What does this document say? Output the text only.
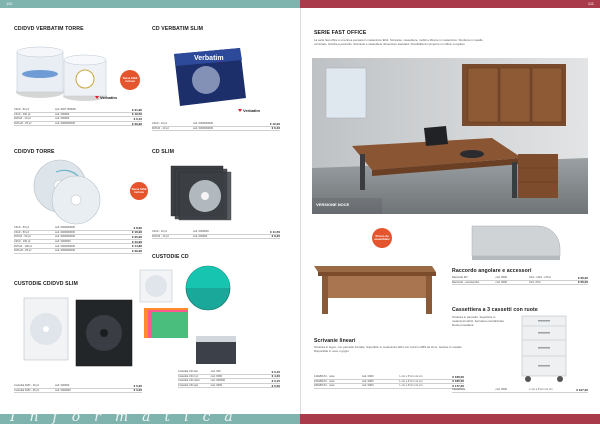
110	111
CD/DVD VERBATIM TORRE
Tassa SIAE inclusa
Verbatim
CD-R - 50 pz	cod. 6407 000000	€ 21,90
CD-R - 100 pz	cod. 000000	€ 19,50
DVD-R - 10 pz	cod. 000000	€ 6,10
DVD+R - 25 pz	cod. 0000000000	€ 29,90
CD VERBATIM SLIM
Verbatim
Verbatim
CD-R - 10 pz	cod. 0000000000	€ 12,00
DVD-R - 10 pz	cod. 0000000000	€ 6,40
CD/DVD TORRE
Tassa SIAE inclusa
CD-R - 50 pz	cod. 0000000000	€ 8,90
CD-R - 50 pz	cod. 0000000000	€ 16,90
DVD-R - 50 pz	cod. 0000000000	€ 20,90
CD-R - 100 pz	cod. 0000000	€ 43,90
DVD-R - 100 pz	cod. 0000000000	€ 14,80
DVD+R - 25 pz	cod. 0000000000	€ 29,90
CD SLIM
CD-R - 10 pz	cod. 0000000	€ 11,50
DVD-R - 10 pz	cod. 000000	€ 6,20
CUSTODIE CD
Custodia CD slim	cod. 000	€ 0,15
Custodia CD 2 pz	cod. 0000	€ 4,40
Custodia CD colori	cod. 000000	€ 0,15
Custodia CD spin	cod. 0000	€ 5,50
CUSTODIE CD/DVD SLIM
Custodia DVD - 10 pz	cod. 000000	€ 5,20
Custodia DVD - 25 pz	cod. 0000000	€ 3,20
SERIE FAST OFFICE
La serie fast office è una linea pensata in melaminico EN1. Scrivanie, cassettiere, mobili e librerie in melaminico. Struttura in metallo verniciato. Gamba a pannello. Scrivanie e cassettiere dimensioni standard. Possibilità di comporre un ufficio completo.
VERSIONE NOCE
Prezzo da assemblare
Scrivanie lineari
Struttura in legno, con pannello frontale. Superficie in melaminico EN1 con bordi in ABS da 2mm. Gambe in metallo. Disponibile in noce o grigio.
140x80x72 - noce	cod. 0000	L cm x P cm x H cm	€ 168,00
160x80x72 - noce	cod. 0000	L cm x P cm x H cm	€ 185,00
180x80x72 - noce	cod. 0000	L cm x P cm x H cm	€ 177,00
Raccordo angolare e accessori
Raccordo 90°	cod. 0000	Dim. x Dim. x Prof.	€ 66,00
Raccordo - semicerchio	cod. 0000	Dim. Prof.	€ 66,00
Cassettiera a 3 cassetti con ruote
Struttura in pannello. Superficie in melaminico EN1. Serratura centralizzata. Ruote piroettanti.
Cassettiera	cod. 0000	L cm x P cm x H cm	€ 107,00
Informatica
